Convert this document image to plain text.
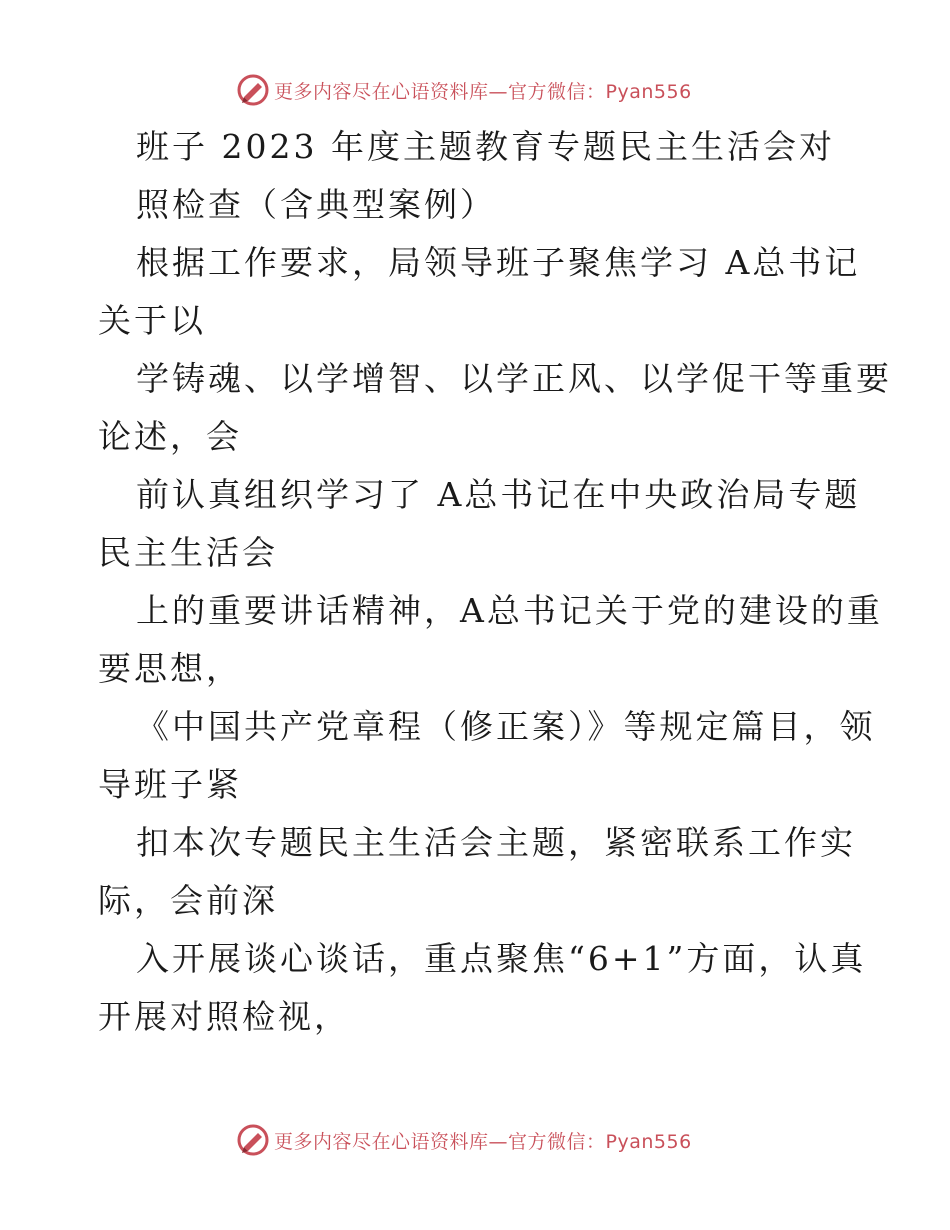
更多内容尽在心语资料库—官方微信：Pyan556
班子 2023 年度主题教育专题民主生活会对
照检查（含典型案例）
根据工作要求，局领导班子聚焦学习 A总书记
关于以
学铸魂、以学增智、以学正风、以学促干等重要
论述，会
前认真组织学习了 A总书记在中央政治局专题
民主生活会
上的重要讲话精神，A总书记关于党的建设的重
要思想，
《中国共产党章程（修正案）》等规定篇目，领
导班子紧
扣本次专题民主生活会主题，紧密联系工作实
际，会前深
入开展谈心谈话，重点聚焦“6+1”方面，认真
开展对照检视，
更多内容尽在心语资料库—官方微信：Pyan556
